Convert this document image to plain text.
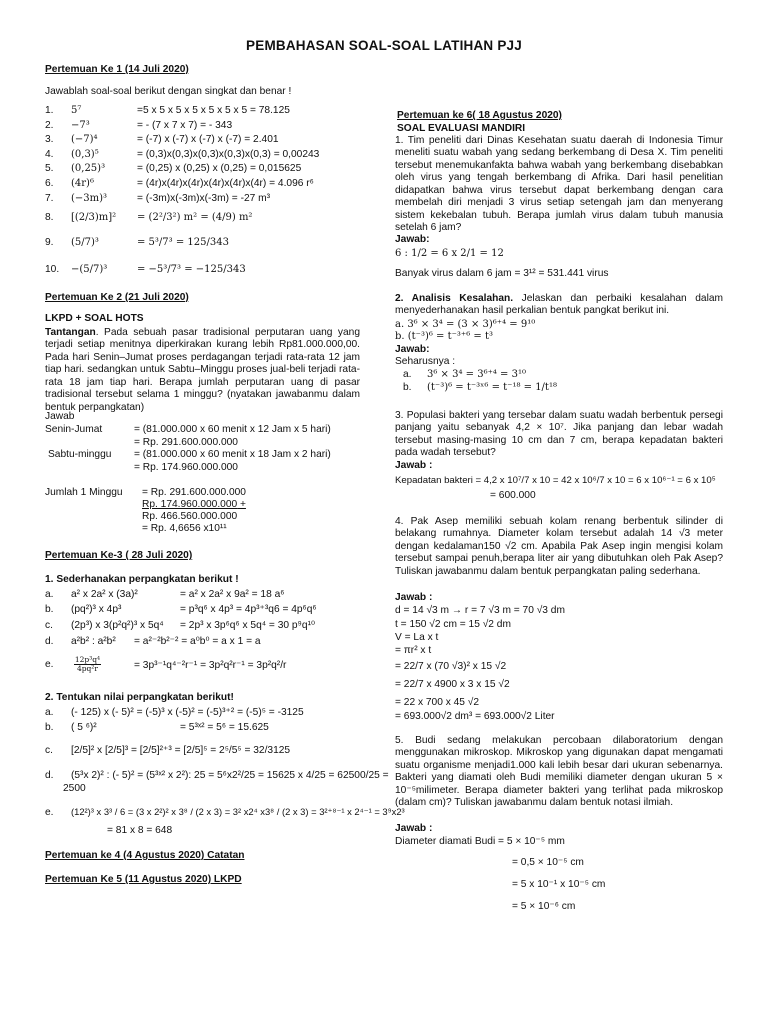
PEMBAHASAN SOAL-SOAL LATIHAN PJJ
Pertemuan Ke 1 (14 Juli 2020)
Jawablah soal-soal berikut dengan singkat dan benar !
1. 5⁷	=5 x 5 x 5 x 5 x 5 x 5 x 5 = 78.125
2. −7³	= - (7 x 7 x 7) = - 343
3. (−7)⁴	= (-7) x (-7) x (-7) x (-7) = 2.401
4. (0,3)⁵	= (0,3)x(0,3)x(0,3)x(0,3)x(0,3) = 0,00243
5. (0,25)³	= (0,25) x (0,25) x (0,25) = 0,015625
6. (4r)⁶	= (4r)x(4r)x(4r)x(4r)x(4r)x(4r) = 4.096 r⁶
7. (−3m)³	= (-3m)x(-3m)x(-3m) = -27 m³
8. [(2/3)m]² = (2²/3²) m² = (4/9) m²
9. (5/7)³	= 5³/7³ = 125/343
10. −(5/7)³	= −5³/7³ = −125/343
Pertemuan Ke 2 (21 Juli 2020)
LKPD + SOAL HOTS
Tantangan. Pada sebuah pasar tradisional perputaran uang yang terjadi setiap menitnya diperkirakan kurang lebih Rp81.000.000,00. Pada hari Senin–Jumat proses perdagangan terjadi rata-rata 12 jam tiap hari. sedangkan untuk Sabtu–Minggu proses jual-beli terjadi rata-rata 18 jam tiap hari. Berapa jumlah perputaran uang di pasar tradisional tersebut selama 1 minggu? (nyatakan jawabanmu dalam bentuk perpangkatan)
Jawab
Senin-Jumat	= (81.000.000 x 60 menit x 12 Jam x 5 hari)
= Rp. 291.600.000.000
Sabtu-minggu = (81.000.000 x 60 menit x 18 Jam x 2 hari)
= Rp. 174.960.000.000
Jumlah 1 Minggu = Rp. 291.600.000.000
Rp. 174.960.000.000 +
Rp. 466.560.000.000
= Rp. 4,6656 x10¹¹
Pertemuan Ke-3 ( 28 Juli 2020)
1. Sederhanakan perpangkatan berikut !
a. a² x 2a² x (3a)²	= a² x 2a² x 9a² = 18 a⁶
b. (pq²)³ x 4p³	= p³q⁶ x 4p³ = 4p³⁺³q6 = 4p⁶q⁶
c. (2p³) x 3(p²q²)³ x 5q⁴ = 2p³ x 3p⁶q⁶ x 5q⁴ = 30 p⁹q¹⁰
d. a²b² : a²b² = a²⁻²b²⁻² = a⁰b⁰ = a x 1 = a
e.	$\frac{\text{12p³q⁴}}{\text{4pq²r}}$	= 3p³⁻¹q⁴⁻²r⁻¹ = 3p²q²r⁻¹ = 3p²q²/r
2. Tentukan nilai perpangkatan berikut!
a. (- 125) x (- 5)² = (-5)³ x (-5)² = (-5)³⁺² = (-5)⁵ = -3125
b. ( 5 ⁶)²	= 5³ˣ² = 5⁶ = 15.625
c. [2/5]² x [2/5]³ = [2/5]²⁺³ = [2/5]⁵ = 2⁵/5⁵ = 32/3125
d. (5³x 2)² : (- 5)² = (5³ˣ² x 2²): 25 = 5⁶x2²/25 = 15625 x 4/25 = 62500/25 =
2500
e. (12²)³ x 3³ / 6 = (3 x 2²)² x 3⁸ / (2 x 3) = 3² x2⁴ x3⁸ / (2 x 3) = 3²⁺⁸⁻¹ x 2⁴⁻¹ = 3⁹x2³
= 81 x 8 = 648
Pertemuan ke 4 (4 Agustus 2020) Catatan
Pertemuan Ke 5 (11 Agustus 2020) LKPD
Pertemuan ke 6( 18 Agustus 2020)
SOAL EVALUASI MANDIRI
1. Tim peneliti dari Dinas Kesehatan suatu daerah di Indonesia Timur meneliti suatu wabah yang sedang berkembang di Desa X. Tim peneliti tersebut menemukanfakta bahwa wabah yang berkembang disebabkan oleh virus yang tengah berkembang di Afrika. Dari hasil penelitian didapatkan bahwa virus tersebut dapat berkembang dengan cara membelah diri menjadi 3 virus setiap setengah jam dan menyerang sistem kekebalan tubuh. Berapa jumlah virus dalam tubuh manusia setelah 6 jam?
Jawab:
6 : 1/2 = 6 x 2/1 = 12
Banyak virus dalam 6 jam = 3¹² = 531.441 virus
2. Analisis Kesalahan. Jelaskan dan perbaiki kesalahan dalam menyederhanakan hasil perkalian bentuk pangkat berikut ini.
a. 3⁶ × 3⁴ = (3 × 3)⁶⁺⁴ = 9¹⁰
b. (t⁻³)⁶ = t⁻³⁺⁶ = t³
Jawab:
Seharusnya :
a. 3⁶ × 3⁴ = 3⁶⁺⁴ = 3¹⁰
b. (t⁻³)⁶ = t⁻³ˣ⁶ = t⁻¹⁸ = 1/t¹⁸
3. Populasi bakteri yang tersebar dalam suatu wadah berbentuk persegi panjang yaitu sebanyak 4,2 × 10⁷. Jika panjang dan lebar wadah tersebut masing-masing 10 cm dan 7 cm, berapa kepadatan bakteri pada wadah tersebut?
Jawab :
Kepadatan bakteri = 4,2 x 10⁷/7 x 10 = 42 x 10⁶/7 x 10 = 6 x 10⁶⁻¹ = 6 x 10⁵
= 600.000
4. Pak Asep memiliki sebuah kolam renang berbentuk silinder di belakang rumahnya. Diameter kolam tersebut adalah 14 √3 meter dengan kedalaman150 √2 cm. Apabila Pak Asep ingin mengisi kolam tersebut sampai penuh,berapa liter air yang dibutuhkan oleh Pak Asep? Tuliskan jawabanmu dalam bentuk perpangkatan paling sederhana.
Jawab :
d = 14 √3 m → r = 7 √3 m = 70 √3 dm
t = 150 √2 cm = 15 √2 dm
V = La x t
= πr² x t
= 22/7 x (70 √3)² x 15 √2
= 22/7 x 4900 x 3 x 15 √2
= 22 x 700 x 45 √2
= 693.000√2 dm³ = 693.000√2 Liter
5. Budi sedang melakukan percobaan dilaboratorium dengan menggunakan mikroskop. Mikroskop yang digunakan dapat mengamati suatu organisme menjadi1.000 kali lebih besar dari ukuran sebenarnya. Bakteri yang diamati oleh Budi memiliki diameter dengan ukuran 5 × 10⁻⁵milimeter. Berapa diameter bakteri yang terlihat pada mikroskop (dalam cm)? Tuliskan jawabanmu dalam bentuk notasi ilmiah.
Jawab :
Diameter diamati Budi = 5 × 10⁻⁵ mm
= 0,5 × 10⁻⁵ cm
= 5 x 10⁻¹ x 10⁻⁵ cm
= 5 × 10⁻⁶ cm
